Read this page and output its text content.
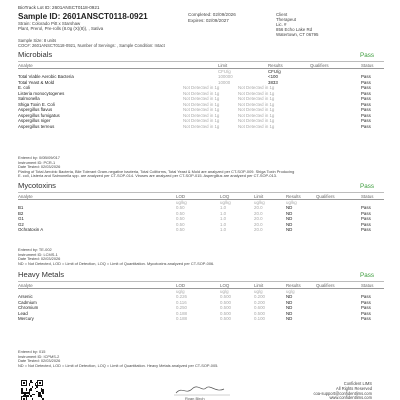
BioTrack Lot ID: 2601ANSCT0118-0921
Sample ID: 2601ANSCT0118-0921
Strain: Colorado Pitt x Starshaw
Plant, Prerol, Pre-rolls (8.0g (X)(8)), , Sativa
Completed: 02/09/2026
Expires: 02/09/2027
Client
Therapeut
Lic. #
856 Echo Lake Rd
Watertown, CT 06795
Sample Size: 8 units
COC#: 2601ANSCT0118-0921, Number of Servings: , Sample Condition: Intact
Microbials	Pass
Analyte	Limit	Results	Qualifiers	Status
CFU/g	CFU/g
Total Viable Aerobic Bacteria	100000	<100	Pass
Total Yeast & Mold	10000	3833	Pass
E. coli	Not Detected in 1g	Not Detected in 1g	Pass
Listeria monocytogenes	Not Detected in 1g	Not Detected in 1g	Pass
Salmonella	Not Detected in 1g	Not Detected in 1g	Pass
Shiga Toxin E. Coli	Not Detected in 1g	Not Detected in 1g	Pass
Aspergillus flavus	Not Detected in 1g	Not Detected in 1g	Pass
Aspergillus fumigatus	Not Detected in 1g	Not Detected in 1g	Pass
Aspergillus niger	Not Detected in 1g	Not Detected in 1g	Pass
Aspergillus terreus	Not Detected in 1g	Not Detected in 1g	Pass
Entered by: 0/0B/09/017
Instrument ID: PCR-1
Date Tested: 02/03/2026
Plating of Total Aerobic Bacteria, Bile Tolerant Gram-negative bacteria, Total Coliforms, Total Yeast & Mold are analyzed per CT-SOP-009. Shiga Toxin Producing
E. coli, Listeria and Salmonella spp. are analyzed per CT-SOP-014. Viruses are analyzed per CT-SOP-015. Aspergillus are analyzed per CT-SOP-013.
Mycotoxins	Pass
Analyte	LOD	LOQ	Limit	Results	Qualifiers	Status
ug/kg	ug/kg	ug/kg	ug/kg
B1	0.50	1.0	20.0	ND	Pass
B2	0.50	1.0	20.0	ND	Pass
G1	0.50	1.0	20.0	ND	Pass
G2	0.50	1.0	20.0	ND	Pass
Ochratoxin A	0.50	1.0	20.0	ND	Pass
Entered by: TE-002
Instrument ID: LCMS-1
Date Tested: 02/03/2026
ND = Not Detected, LOD = Limit of Detection, LOQ = Limit of Quantitation. Mycotoxins analyzed per CT-SOP-006.
Heavy Metals	Pass
Analyte	LOD	LOQ	Limit	Results	Qualifiers	Status
ug/g	ug/g	ug/g	ug/g
Arsenic	0.226	0.500	0.200	ND	Pass
Cadmium	0.116	0.500	0.200	ND	Pass
Chromium	0.250	0.500	0.600	ND	Pass
Lead	0.188	0.500	0.500	ND	Pass
Mercury	0.188	0.500	0.100	ND	Pass
Entered by: 015
Instrument ID: ICPMS-2
Date Tested: 02/03/2026
ND = Not Detected, LOD = Limit of Detection, LOQ = Limit of Quantitation. Heavy Metals analyzed per CT-SOP-005.
Ryan Birch
Confident LIMS
All Rights Reserved
coa-support@confidentlims.com
www.confidentlims.com
